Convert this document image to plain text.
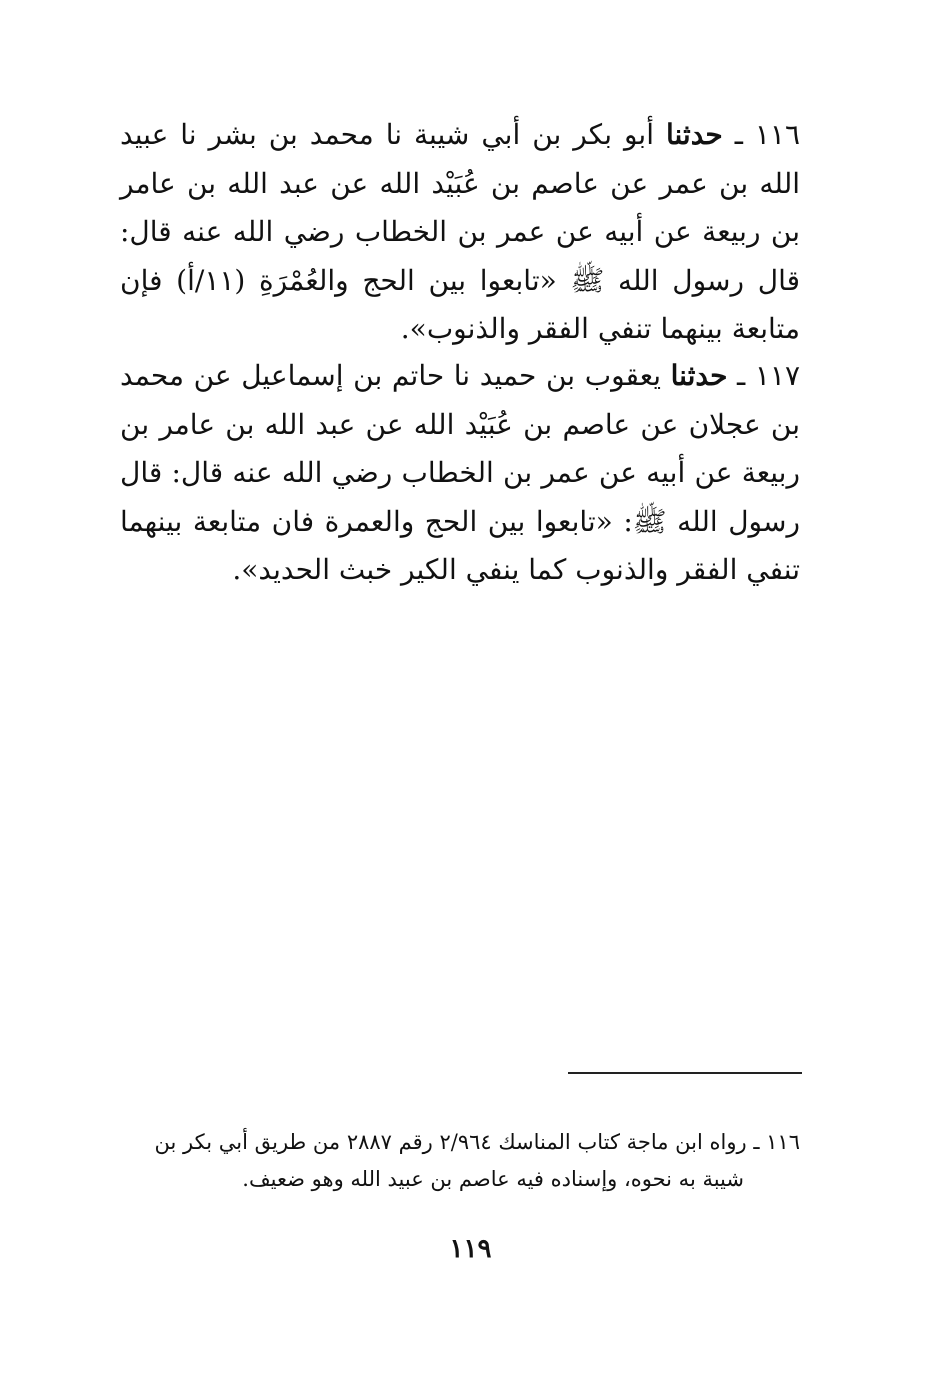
١١٦ ـ حدثنا أبو بكر بن أبي شيبة نا محمد بن بشر نا عبيد الله بن عمر عن عاصم بن عُبَيْد الله عن عبد الله بن عامر بن ربيعة عن أبيه عن عمر بن الخطاب رضي الله عنه قال: قال رسول الله ﷺ «تابعوا بين الحج والعُمْرَةِ (١١/أ) فإن متابعة بينهما تنفي الفقر والذنوب».

١١٧ ـ حدثنا يعقوب بن حميد نا حاتم بن إسماعيل عن محمد بن عجلان عن عاصم بن عُبَيْد الله عن عبد الله بن عامر بن ربيعة عن أبيه عن عمر بن الخطاب رضي الله عنه قال: قال رسول الله ﷺ: «تابعوا بين الحج والعمرة فان متابعة بينهما تنفي الفقر والذنوب كما ينفي الكير خبث الحديد».

١١٦ ـ رواه ابن ماجة كتاب المناسك ٢/٩٦٤ رقم ٢٨٨٧ من طريق أبي بكر بن
شيبة به نحوه، وإسناده فيه عاصم بن عبيد الله وهو ضعيف.
١١٩
